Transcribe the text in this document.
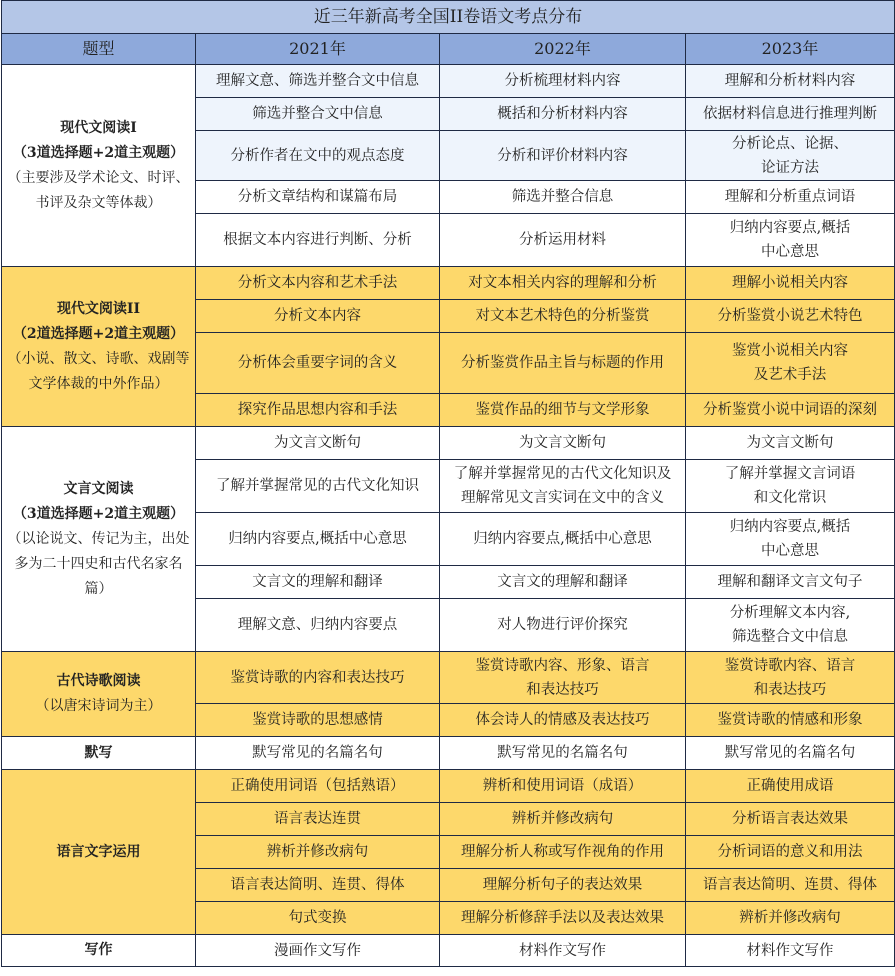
近三年新高考全国II卷语文考点分布			
题型	2021年	2022年	2023年

现代文阅读I
（3道选择题+2道主观题）
（主要涉及学术论文、时评、书评及杂文等体裁）	理解文意、筛选并整合文中信息	分析梳理材料内容	理解和分析材料内容

	筛选并整合文中信息	概括和分析材料内容	依据材料信息进行推理判断

	分析作者在文中的观点态度	分析和评价材料内容	分析论点、论据、
论证方法

	分析文章结构和谋篇布局	筛选并整合信息	理解和分析重点词语

	根据文本内容进行判断、分析	分析运用材料	归纳内容要点,概括
中心意思

现代文阅读II
（2道选择题+2道主观题）
（小说、散文、诗歌、戏剧等文学体裁的中外作品）	分析文本内容和艺术手法	对文本相关内容的理解和分析	理解小说相关内容

	分析文本内容	对文本艺术特色的分析鉴赏	分析鉴赏小说艺术特色

	分析体会重要字词的含义	分析鉴赏作品主旨与标题的作用	鉴赏小说相关内容
及艺术手法

	探究作品思想内容和手法	鉴赏作品的细节与文学形象	分析鉴赏小说中词语的深刻

文言文阅读
（3道选择题+2道主观题）
（以论说文、传记为主，出处多为二十四史和古代名家名篇）	为文言文断句	为文言文断句	为文言文断句

	了解并掌握常见的古代文化知识	了解并掌握常见的古代文化知识及
理解常见文言实词在文中的含义	了解并掌握文言词语
和文化常识

	归纳内容要点,概括中心意思	归纳内容要点,概括中心意思	归纳内容要点,概括
中心意思

	文言文的理解和翻译	文言文的理解和翻译	理解和翻译文言文句子

	理解文意、归纳内容要点	对人物进行评价探究	分析理解文本内容,
筛选整合文中信息

古代诗歌阅读
（以唐宋诗词为主）	鉴赏诗歌的内容和表达技巧	鉴赏诗歌内容、形象、语言
和表达技巧	鉴赏诗歌内容、语言
和表达技巧

	鉴赏诗歌的思想感情	体会诗人的情感及表达技巧	鉴赏诗歌的情感和形象

默写	默写常见的名篇名句	默写常见的名篇名句	默写常见的名篇名句

语言文字运用	正确使用词语（包括熟语）	辨析和使用词语（成语）	正确使用成语

	语言表达连贯	辨析并修改病句	分析语言表达效果

	辨析并修改病句	理解分析人称或写作视角的作用	分析词语的意义和用法

	语言表达简明、连贯、得体	理解分析句子的表达效果	语言表达简明、连贯、得体

	句式变换	理解分析修辞手法以及表达效果	辨析并修改病句

写作	漫画作文写作	材料作文写作	材料作文写作
